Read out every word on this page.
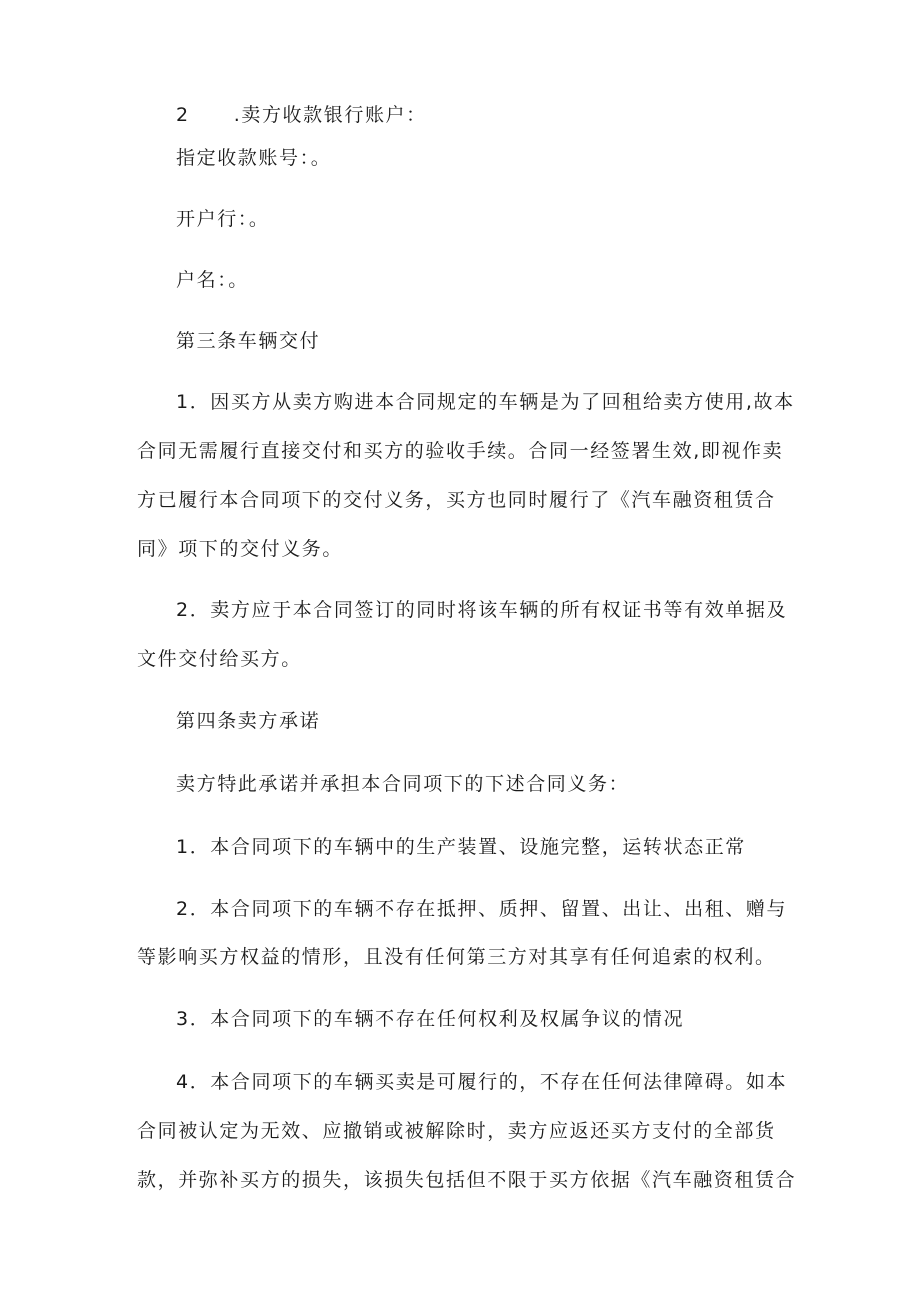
2 .卖方收款银行账户：
指定收款账号：。
开户行：。
户名：。
第三条车辆交付
1．因买方从卖方购进本合同规定的车辆是为了回租给卖方使用,故本
合同无需履行直接交付和买方的验收手续。合同一经签署生效,即视作卖
方已履行本合同项下的交付义务，买方也同时履行了《汽车融资租赁合
同》项下的交付义务。
2．卖方应于本合同签订的同时将该车辆的所有权证书等有效单据及
文件交付给买方。
第四条卖方承诺
卖方特此承诺并承担本合同项下的下述合同义务：
1．本合同项下的车辆中的生产装置、设施完整，运转状态正常
2．本合同项下的车辆不存在抵押、质押、留置、出让、出租、赠与
等影响买方权益的情形，且没有任何第三方对其享有任何追索的权利。
3．本合同项下的车辆不存在任何权利及权属争议的情况
4．本合同项下的车辆买卖是可履行的，不存在任何法律障碍。如本
合同被认定为无效、应撤销或被解除时，卖方应返还买方支付的全部货
款，并弥补买方的损失，该损失包括但不限于买方依据《汽车融资租赁合
